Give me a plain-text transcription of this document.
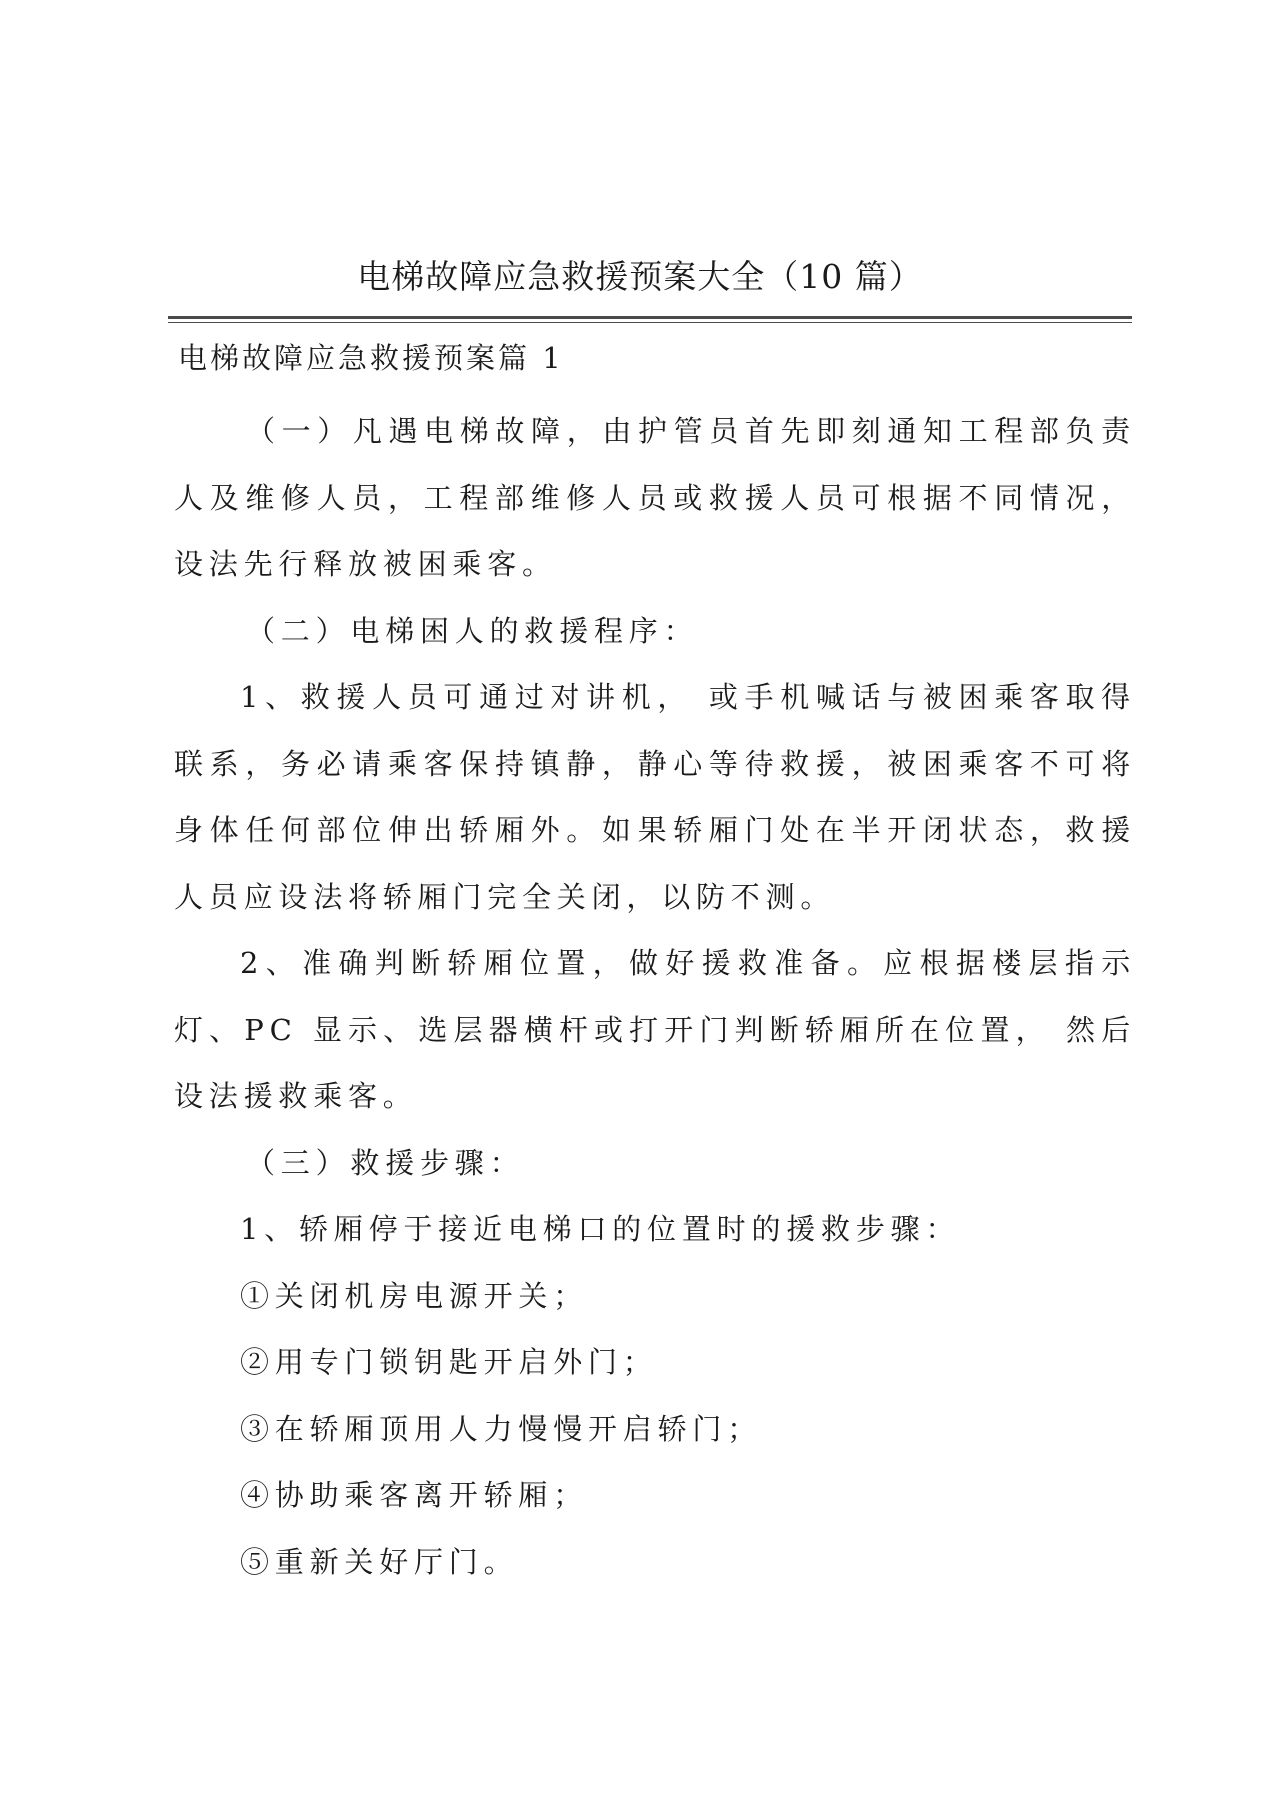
电梯故障应急救援预案大全（10 篇）
电梯故障应急救援预案篇 1

（一）凡遇电梯故障，由护管员首先即刻通知工程部负责人及维修人员，工程部维修人员或救援人员可根据不同情况，设法先行释放被困乘客。

（二）电梯困人的救援程序：

1、救援人员可通过对讲机， 或手机喊话与被困乘客取得联系，务必请乘客保持镇静，静心等待救援，被困乘客不可将身体任何部位伸出轿厢外。如果轿厢门处在半开闭状态，救援人员应设法将轿厢门完全关闭，以防不测。

2、准确判断轿厢位置，做好援救准备。应根据楼层指示灯、PC 显示、选层器横杆或打开门判断轿厢所在位置， 然后设法援救乘客。

（三）救援步骤：

1、轿厢停于接近电梯口的位置时的援救步骤：

①关闭机房电源开关；

②用专门锁钥匙开启外门；

③在轿厢顶用人力慢慢开启轿门；

④协助乘客离开轿厢；

⑤重新关好厅门。
